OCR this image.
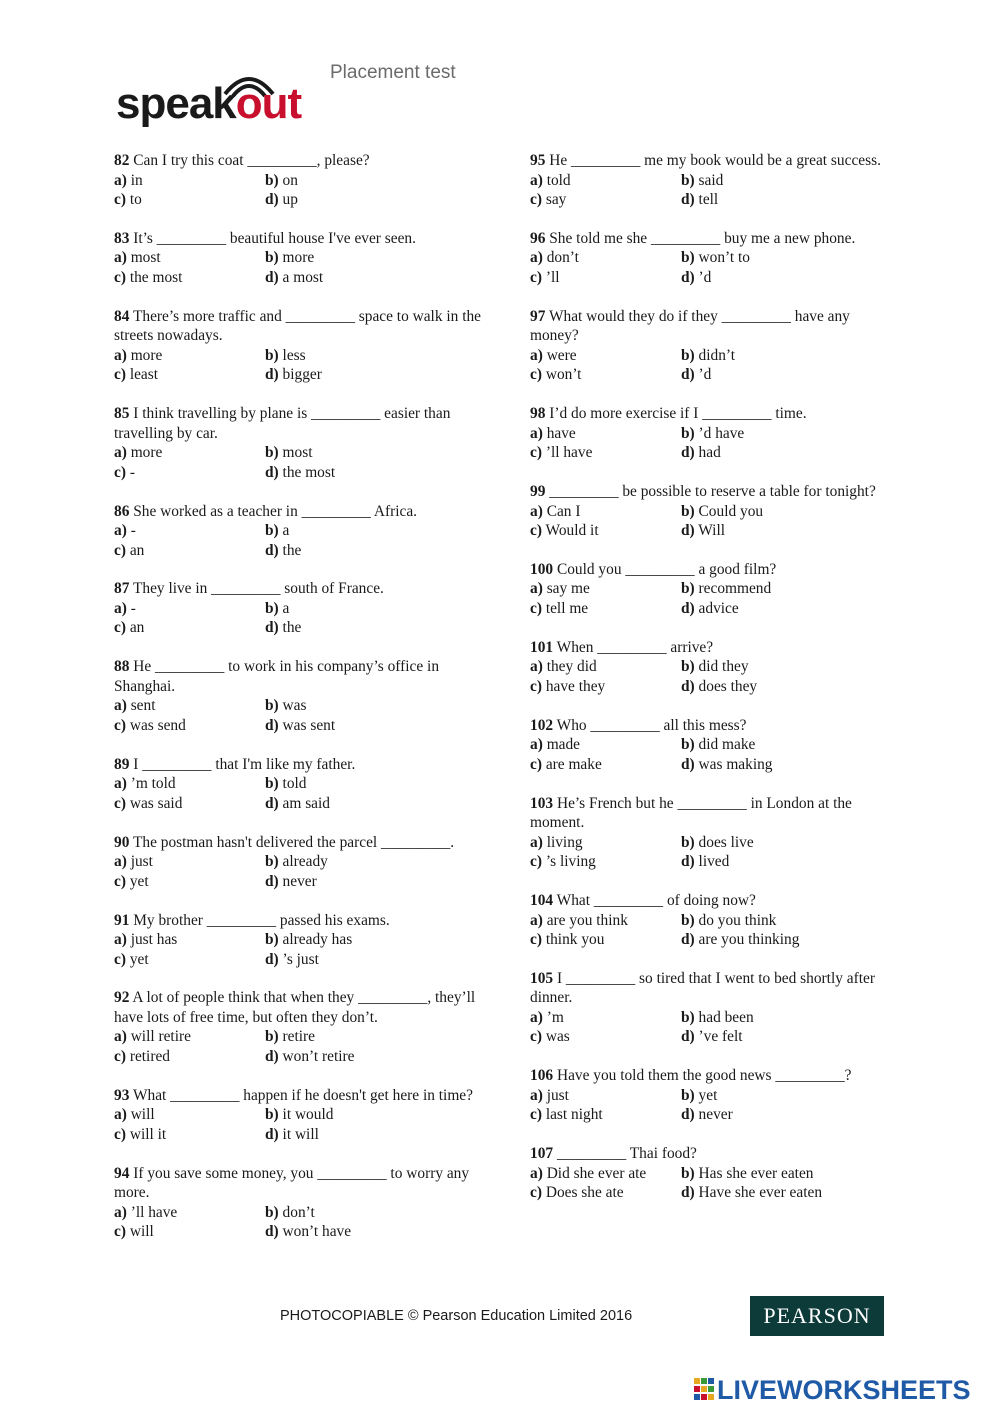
speakout
Placement test
82 Can I try this coat _________, please?
a) in	b) on
c) to	d) up
83 It’s _________ beautiful house I've ever seen.
a) most	b) more
c) the most	d) a most
84 There’s more traffic and _________ space to walk in the streets nowadays.
a) more	b) less
c) least	d) bigger
85 I think travelling by plane is _________ easier than travelling by car.
a) more	b) most
c) -	d) the most
86 She worked as a teacher in _________ Africa.
a) -	b) a
c) an	d) the
87 They live in _________ south of France.
a) -	b) a
c) an	d) the
88 He _________ to work in his company’s office in Shanghai.
a) sent	b) was
c) was send	d) was sent
89 I _________ that I'm like my father.
a) ’m told	b) told
c) was said	d) am said
90 The postman hasn't delivered the parcel _________.
a) just	b) already
c) yet	d) never
91 My brother _________ passed his exams.
a) just has	b) already has
c) yet	d) ’s just
92 A lot of people think that when they _________, they’ll have lots of free time, but often they don’t.
a) will retire	b) retire
c) retired	d) won’t retire
93 What _________ happen if he doesn't get here in time?
a) will	b) it would
c) will it	d) it will
94 If you save some money, you _________ to worry any more.
a) ’ll have	b) don’t
c) will	d) won’t have
95 He _________ me my book would be a great success.
a) told	b) said
c) say	d) tell
96 She told me she _________ buy me a new phone.
a) don’t	b) won’t to
c) ’ll	d) ’d
97 What would they do if they _________ have any money?
a) were	b) didn’t
c) won’t	d) ’d
98 I’d do more exercise if I _________ time.
a) have	b) ’d have
c) ’ll have	d) had
99 _________ be possible to reserve a table for tonight?
a) Can I	b) Could you
c) Would it	d) Will
100 Could you _________ a good film?
a) say me	b) recommend
c) tell me	d) advice
101 When _________ arrive?
a) they did	b) did they
c) have they	d) does they
102 Who _________ all this mess?
a) made	b) did make
c) are make	d) was making
103 He’s French but he _________ in London at the moment.
a) living	b) does live
c) ’s living	d) lived
104 What _________ of doing now?
a) are you think	b) do you think
c) think you	d) are you thinking
105 I _________ so tired that I went to bed shortly after dinner.
a) ’m	b) had been
c) was	d) ’ve felt
106 Have you told them the good news _________?
a) just	b) yet
c) last night	d) never
107 _________ Thai food?
a) Did she ever ate	b) Has she ever eaten
c) Does she ate	d) Have she ever eaten
PHOTOCOPIABLE © Pearson Education Limited 2016	PEARSON
LIVEWORKSHEETS
